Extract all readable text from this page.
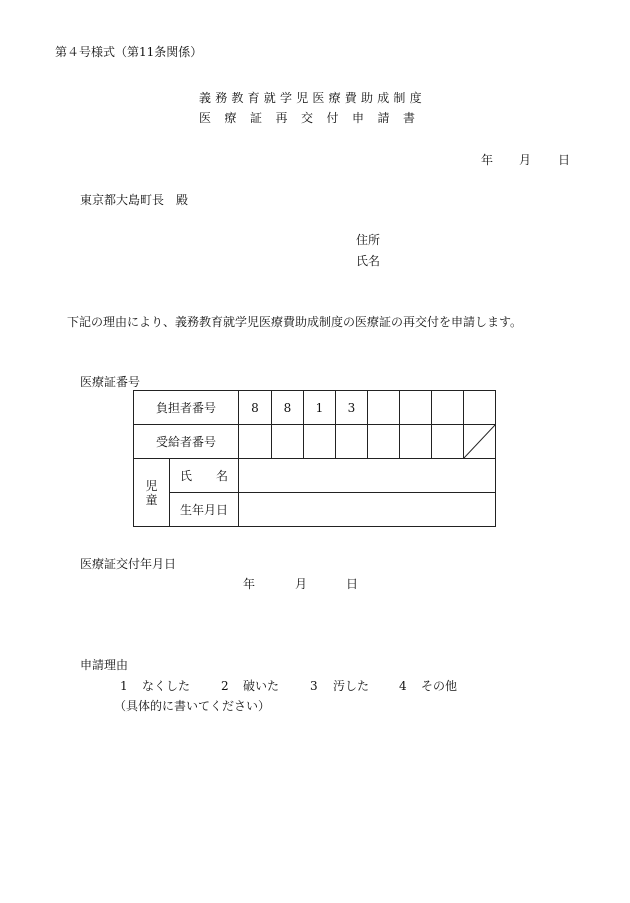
第４号様式（第11条関係）
義務教育就学児医療費助成制度
医療証再交付申請書
年 月 日
東京都大島町長　殿
住所
氏名
下記の理由により、義務教育就学児医療費助成制度の医療証の再交付を申請します。
医療証番号
負担者番号		8	8	1	3				
受給者番号								

児
童	氏　　名								
	生年月日								
医療証交付年月日
年	月	日
申請理由
1 なくした	2 破いた	3 汚した 4 その他
（具体的に書いてください）
